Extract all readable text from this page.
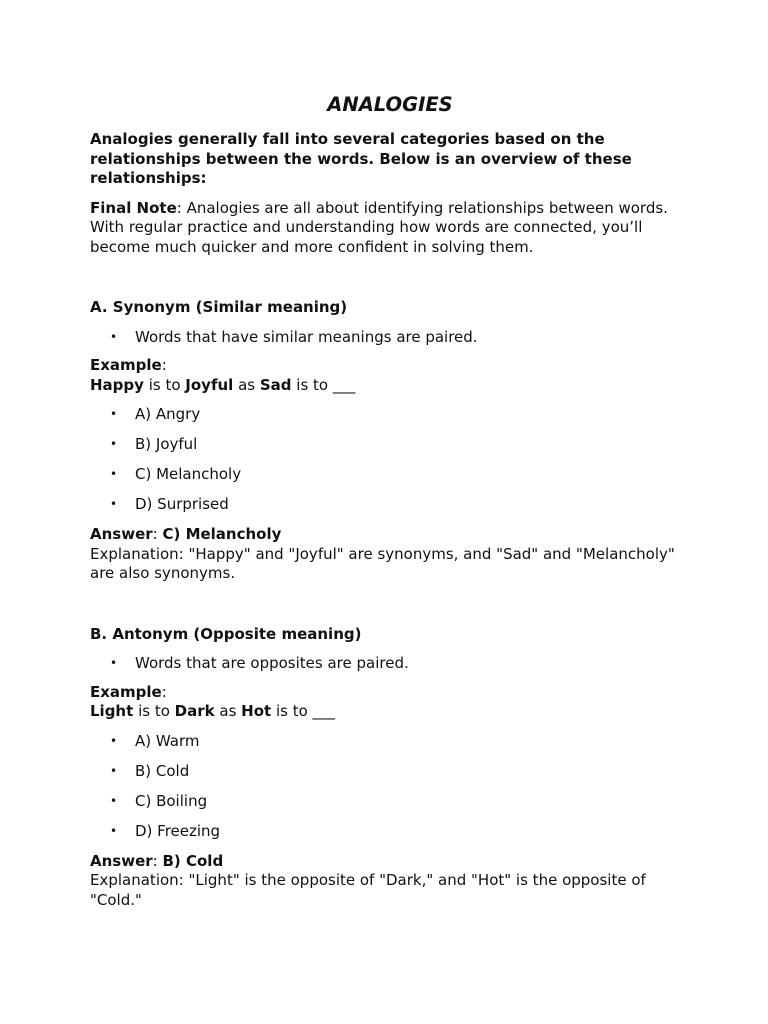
ANALOGIES

Analogies generally fall into several categories based on the relationships between the words. Below is an overview of these relationships:

Final Note: Analogies are all about identifying relationships between words. With regular practice and understanding how words are connected, you’ll become much quicker and more confident in solving them.

A. Synonym (Similar meaning)

• Words that have similar meanings are paired.

Example:

Happy is to Joyful as Sad is to ___

• A) Angry
• B) Joyful
• C) Melancholy
• D) Surprised

Answer: C) Melancholy

Explanation: "Happy" and "Joyful" are synonyms, and "Sad" and "Melancholy" are also synonyms.

B. Antonym (Opposite meaning)

• Words that are opposites are paired.

Example:

Light is to Dark as Hot is to ___

• A) Warm
• B) Cold
• C) Boiling
• D) Freezing

Answer: B) Cold

Explanation: "Light" is the opposite of "Dark," and "Hot" is the opposite of "Cold."
